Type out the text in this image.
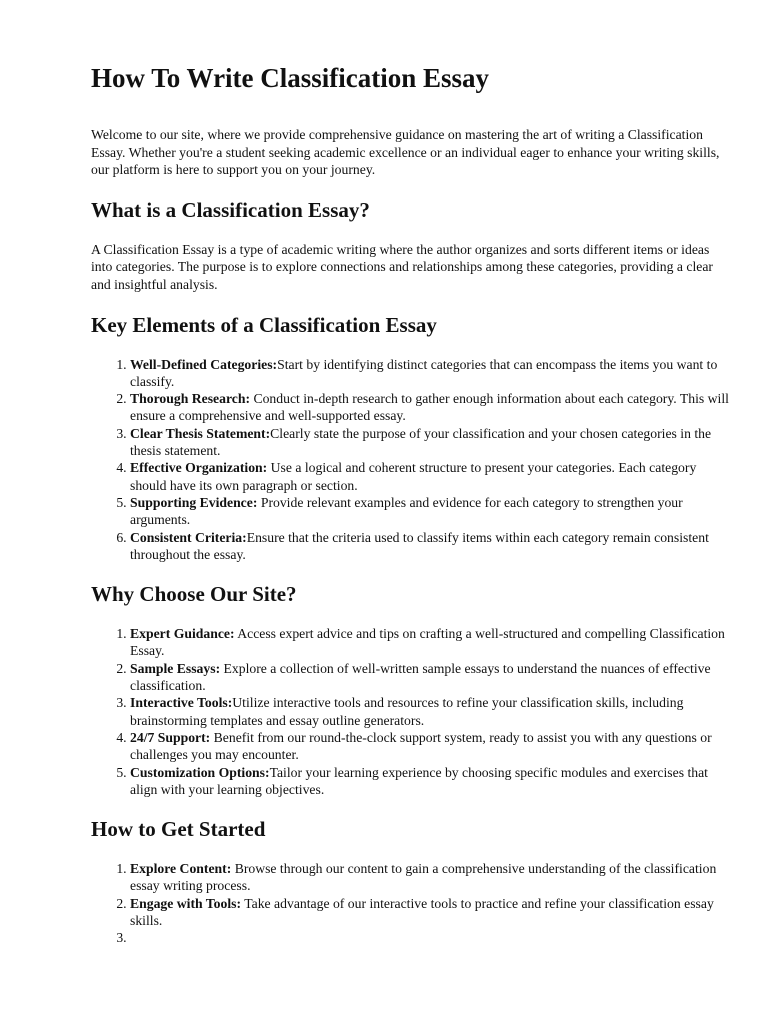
How To Write Classification Essay

Welcome to our site, where we provide comprehensive guidance on mastering the art of writing a Classification Essay. Whether you're a student seeking academic excellence or an individual eager to enhance your writing skills, our platform is here to support you on your journey.

What is a Classification Essay?

A Classification Essay is a type of academic writing where the author organizes and sorts different items or ideas into categories. The purpose is to explore connections and relationships among these categories, providing a clear and insightful analysis.

Key Elements of a Classification Essay
1. Well-Defined Categories:Start by identifying distinct categories that can encompass the items you want to classify.
2. Thorough Research: Conduct in-depth research to gather enough information about each category. This will ensure a comprehensive and well-supported essay.
3. Clear Thesis Statement:Clearly state the purpose of your classification and your chosen categories in the thesis statement.
4. Effective Organization: Use a logical and coherent structure to present your categories. Each category should have its own paragraph or section.
5. Supporting Evidence: Provide relevant examples and evidence for each category to strengthen your arguments.
6. Consistent Criteria:Ensure that the criteria used to classify items within each category remain consistent throughout the essay.
Why Choose Our Site?
1. Expert Guidance: Access expert advice and tips on crafting a well-structured and compelling Classification Essay.
2. Sample Essays: Explore a collection of well-written sample essays to understand the nuances of effective classification.
3. Interactive Tools:Utilize interactive tools and resources to refine your classification skills, including brainstorming templates and essay outline generators.
4. 24/7 Support: Benefit from our round-the-clock support system, ready to assist you with any questions or challenges you may encounter.
5. Customization Options:Tailor your learning experience by choosing specific modules and exercises that align with your learning objectives.
How to Get Started
1. Explore Content: Browse through our content to gain a comprehensive understanding of the classification essay writing process.
2. Engage with Tools: Take advantage of our interactive tools to practice and refine your classification essay skills.
3.
